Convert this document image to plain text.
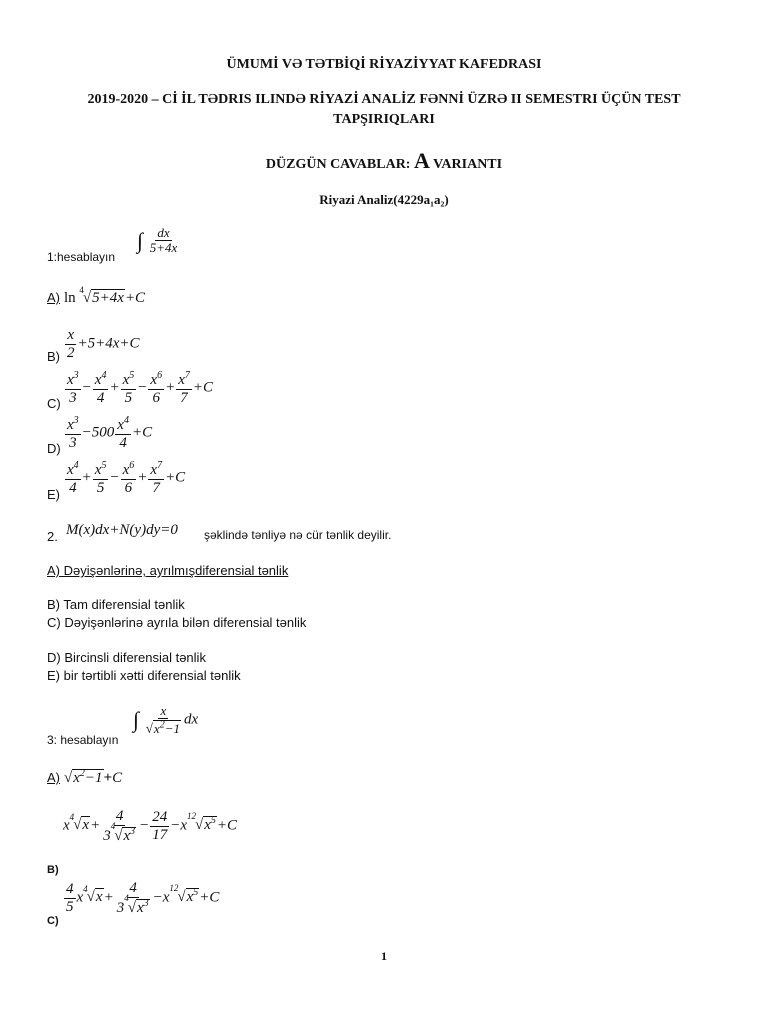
ÜMUMİ VƏ TƏTBİQİ RİYAZİYYAT KAFEDRASI
2019-2020 – Cİ İL TƏDRIS ILINDƏ RİYAZİ ANALİZ FƏNNİ ÜZRƏ II SEMESTRI ÜÇÜN TEST
TAPŞIRIQLARI
DÜZGÜN CAVABLAR: A VARIANTI
Riyazi Analiz(4229a₁a₂)
1:hesablayın
∫ $\frac{dx}{5+4x}$
A) ln $^4$√5+4x+C
$B) \frac{x}{2} +5+4x+C$
$C) \frac{x^3}{3} - \frac{x^4}{4} + \frac{x^5}{5} - \frac{x^6}{6} + \frac{x^7}{7} +C$
$D) \frac{x^3}{3} -500 \frac{x^4}{4} +C$
$E) \frac{x^4}{4} + \frac{x^5}{5} - \frac{x^6}{6} + \frac{x^7}{7} +C$
2. M(x)dx+N(y)dy=0 şəklində tənliyə nə cür tənlik deyilir.
A) Dəyişənlərinə, ayrılmışdiferensial tənlik
B) Tam diferensial tənlik
C) Dəyişənlərinə ayrıla bilən diferensial tənlik
D) Bircinsli diferensial tənlik
E) bir tərtibli xətti diferensial tənlik
3: hesablayın
∫ $\frac{x}{√x^2-1}$ dx
A) $√x^2-1+C$
$x^4√x+ \frac{4}{3^4√x^3} - \frac{24}{17} -x^{12}√x^5+C$
B)
$\frac{4}{5} x^4√x+ \frac{4}{3^4√x^3} -x^{12}√x^5+C$
C)
1
